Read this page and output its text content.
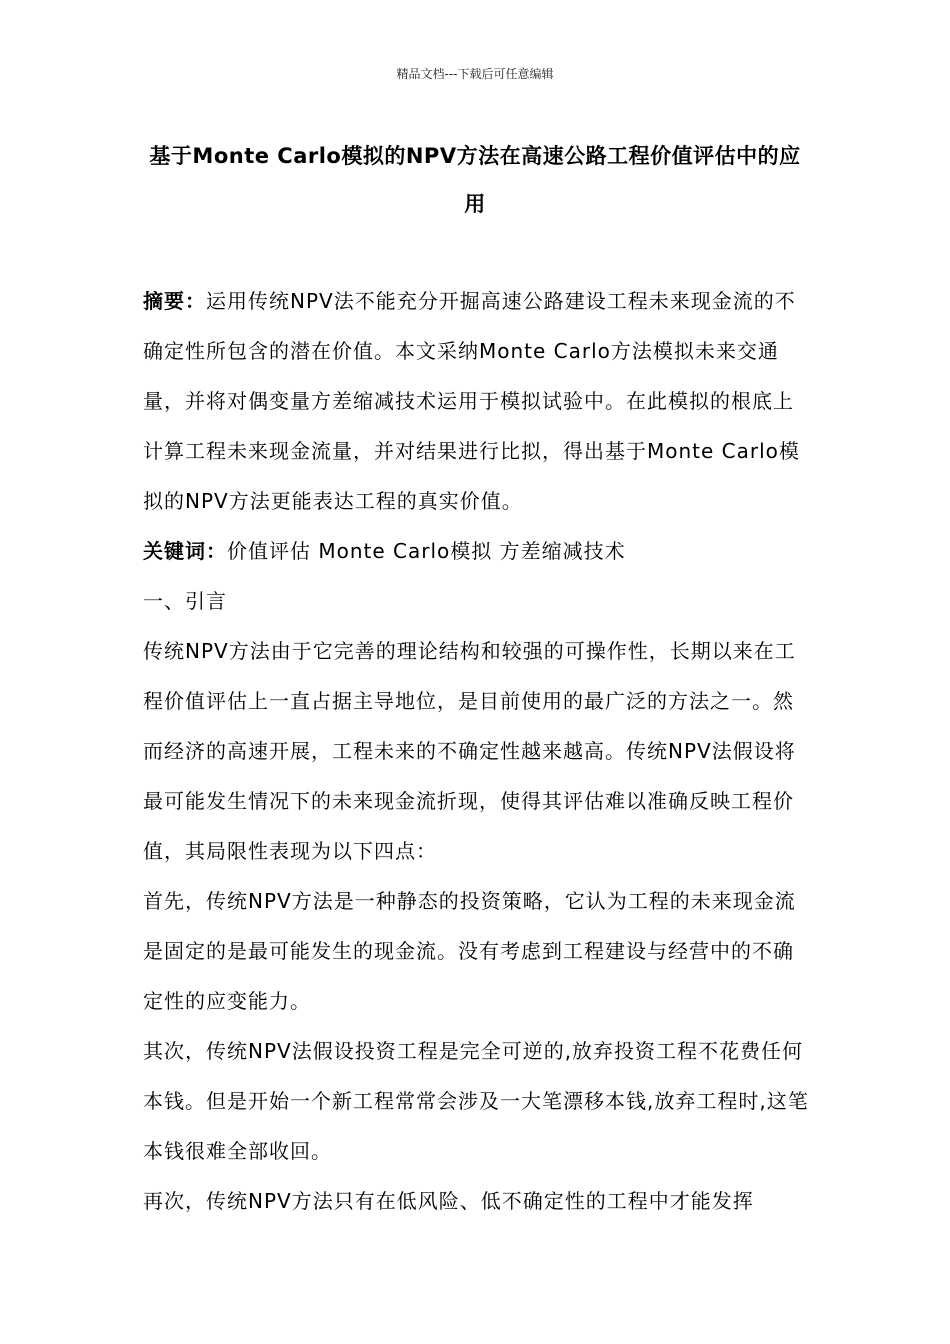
精品文档---下载后可任意编辑
基于Monte Carlo模拟的NPV方法在高速公路工程价值评估中的应用

摘要：运用传统NPV法不能充分开掘高速公路建设工程未来现金流的不确定性所包含的潜在价值。本文采纳Monte Carlo方法模拟未来交通量，并将对偶变量方差缩减技术运用于模拟试验中。在此模拟的根底上计算工程未来现金流量，并对结果进行比拟，得出基于Monte Carlo模拟的NPV方法更能表达工程的真实价值。

关键词：价值评估 Monte Carlo模拟 方差缩减技术

一、引言

传统NPV方法由于它完善的理论结构和较强的可操作性，长期以来在工程价值评估上一直占据主导地位，是目前使用的最广泛的方法之一。然而经济的高速开展，工程未来的不确定性越来越高。传统NPV法假设将最可能发生情况下的未来现金流折现，使得其评估难以准确反映工程价值，其局限性表现为以下四点：

首先，传统NPV方法是一种静态的投资策略，它认为工程的未来现金流是固定的是最可能发生的现金流。没有考虑到工程建设与经营中的不确定性的应变能力。

其次，传统NPV法假设投资工程是完全可逆的,放弃投资工程不花费任何本钱。但是开始一个新工程常常会涉及一大笔漂移本钱,放弃工程时,这笔本钱很难全部收回。

再次，传统NPV方法只有在低风险、低不确定性的工程中才能发挥
